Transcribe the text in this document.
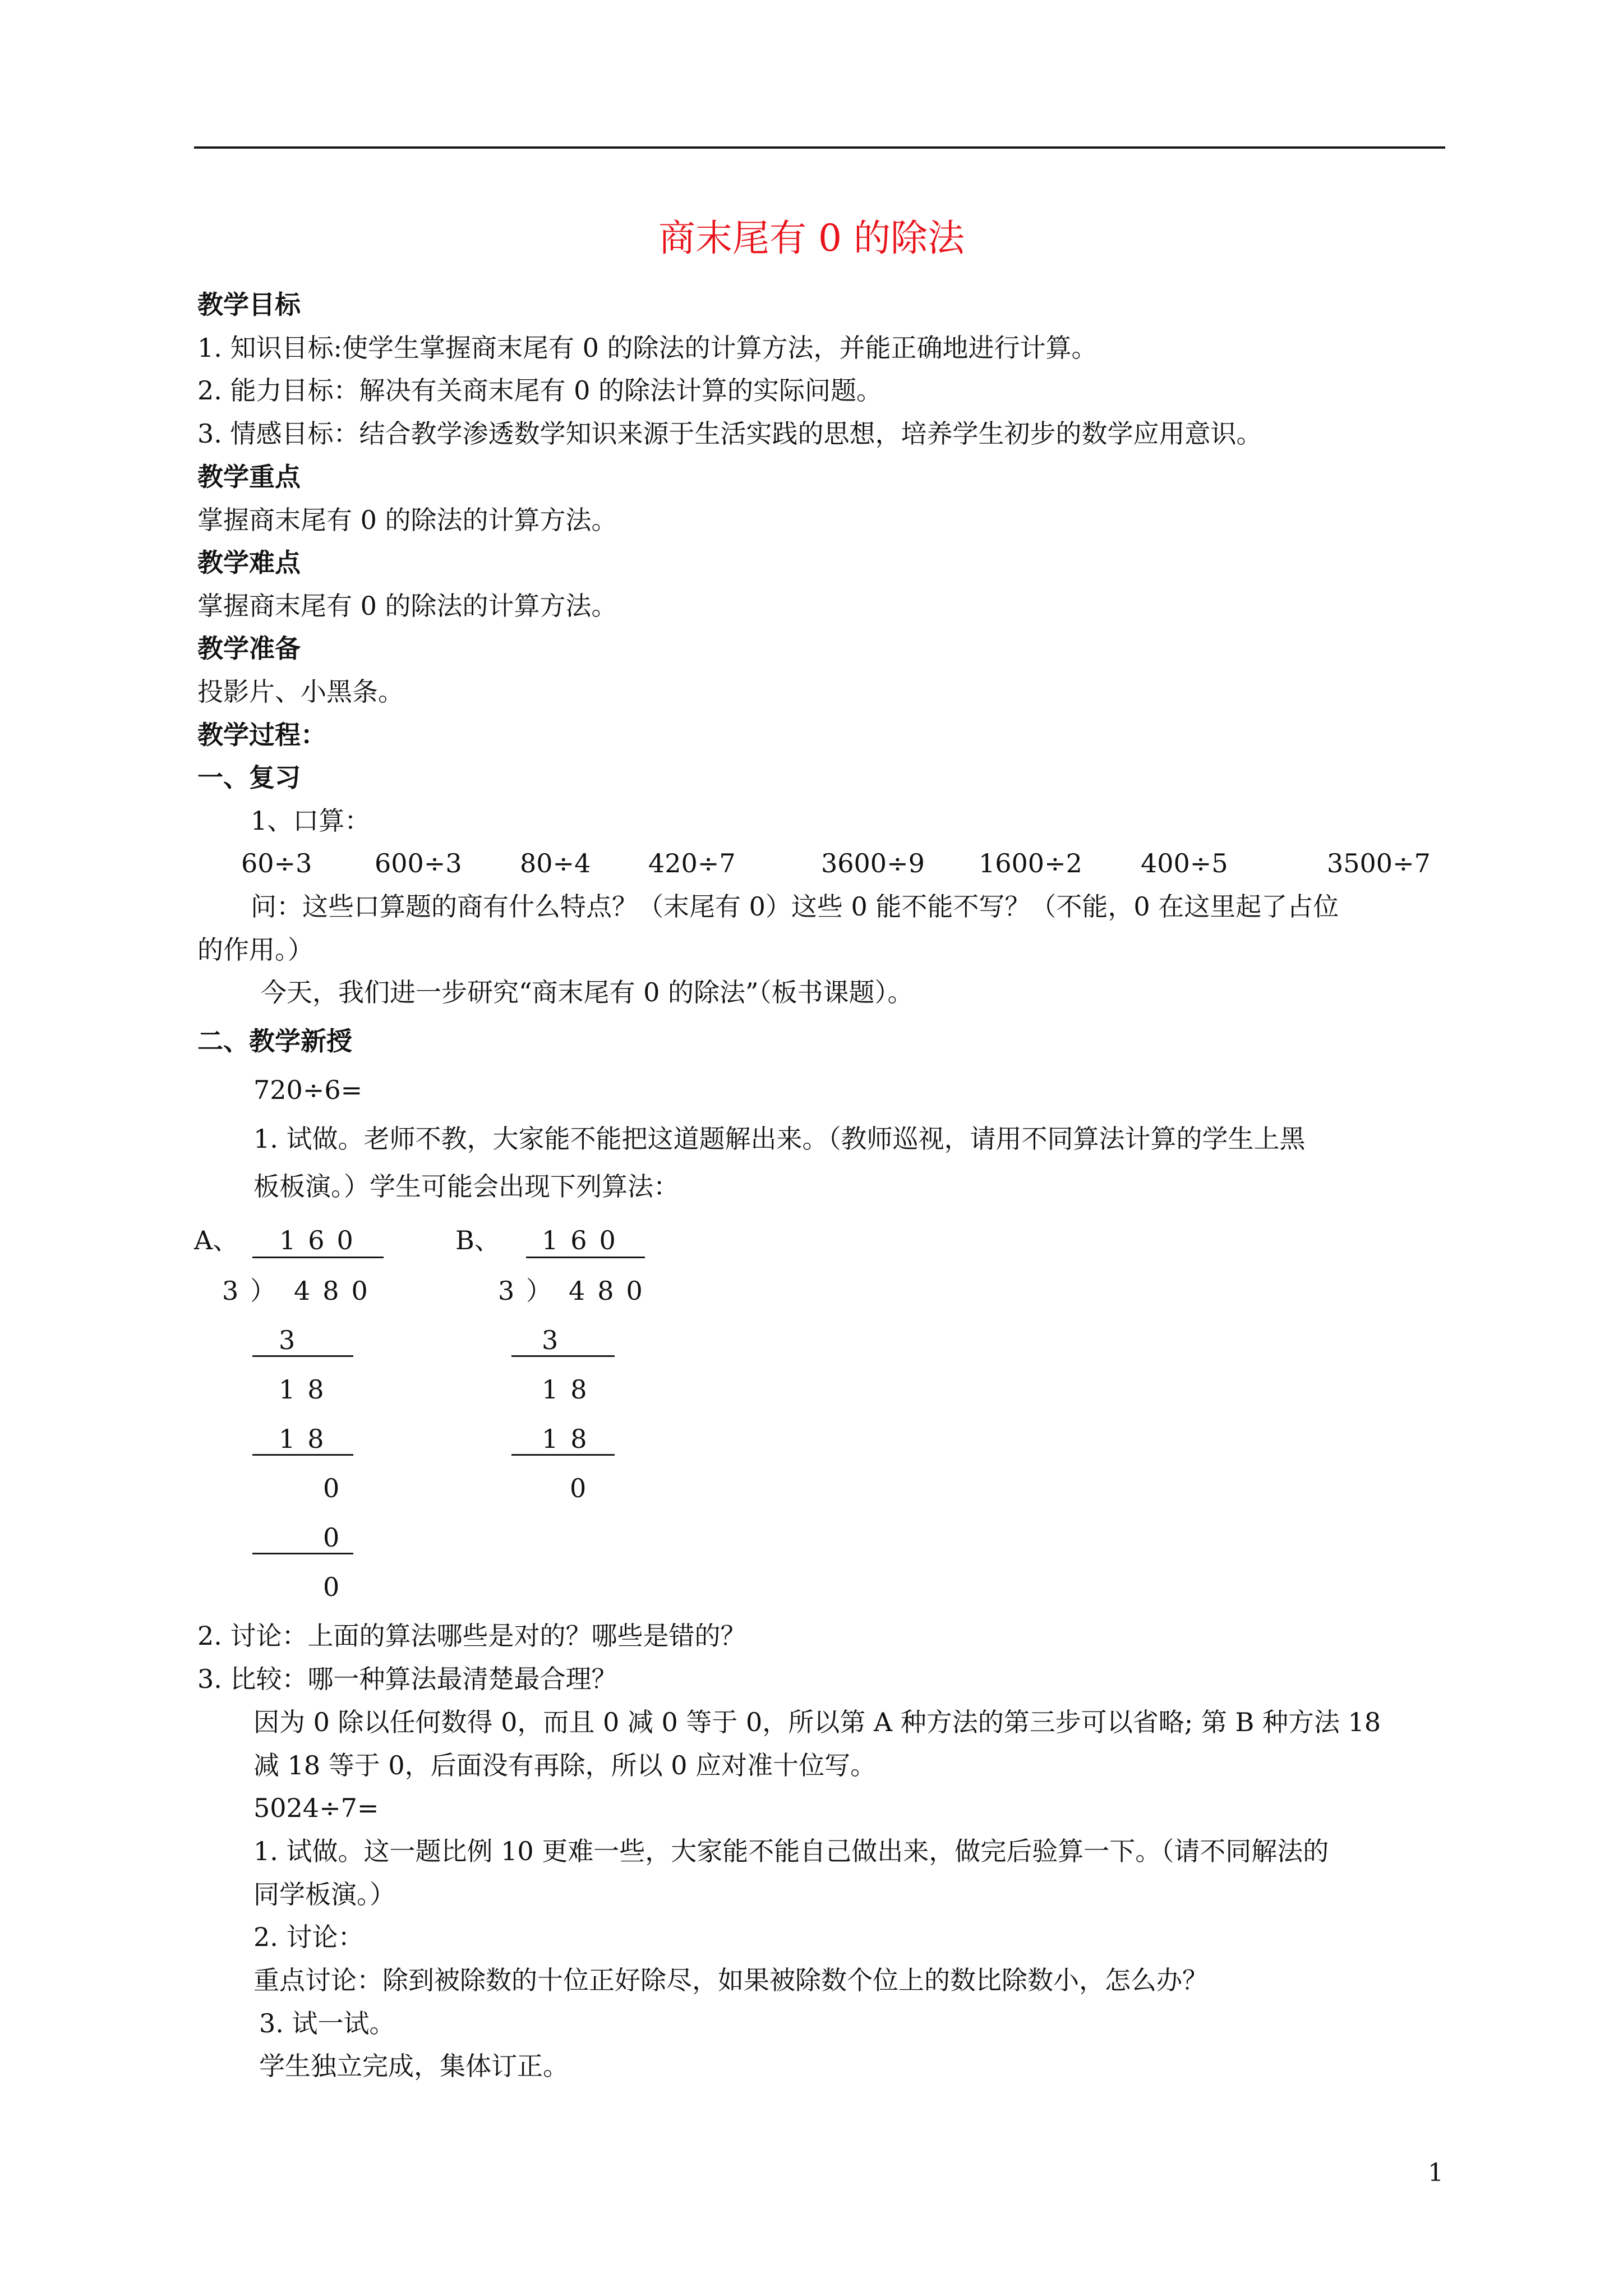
商末尾有 0 的除法
教学目标
1. 知识目标:使学生掌握商末尾有 0 的除法的计算方法，并能正确地进行计算。
2. 能力目标：解决有关商末尾有 0 的除法计算的实际问题。
3. 情感目标：结合教学渗透数学知识来源于生活实践的思想，培养学生初步的数学应用意识。
教学重点
掌握商末尾有 0 的除法的计算方法。
教学难点
掌握商末尾有 0 的除法的计算方法。
教学准备
投影片、小黑条。
教学过程：
一、复习
1、口算：
60÷3 600÷3 80÷4 420÷7	3600÷9 1600÷2 400÷5	3500÷7
问：这些口算题的商有什么特点？（末尾有 0）这些 0 能不能不写？（不能，0 在这里起了占位
的作用。）
今天，我们进一步研究“商末尾有 0 的除法”（板书课题）。
二、教学新授
720÷6=
1. 试做。老师不教，大家能不能把这道题解出来。（教师巡视，请用不同算法计算的学生上黑
板板演。）学生可能会出现下列算法：
A、 160
3
） 480
3
18
18
0
0
0
B、 160
3
） 480
3
18
18
0
2. 讨论：上面的算法哪些是对的？哪些是错的？
3. 比较：哪一种算法最清楚最合理？
因为 0 除以任何数得 0，而且 0 减 0 等于 0，所以第 A 种方法的第三步可以省略; 第 B 种方法 18
减 18 等于 0，后面没有再除，所以 0 应对准十位写。
5024÷7=
1. 试做。这一题比例 10 更难一些，大家能不能自己做出来，做完后验算一下。（请不同解法的
同学板演。）
2. 讨论：
重点讨论：除到被除数的十位正好除尽，如果被除数个位上的数比除数小，怎么办？
3. 试一试。
学生独立完成，集体订正。
1
